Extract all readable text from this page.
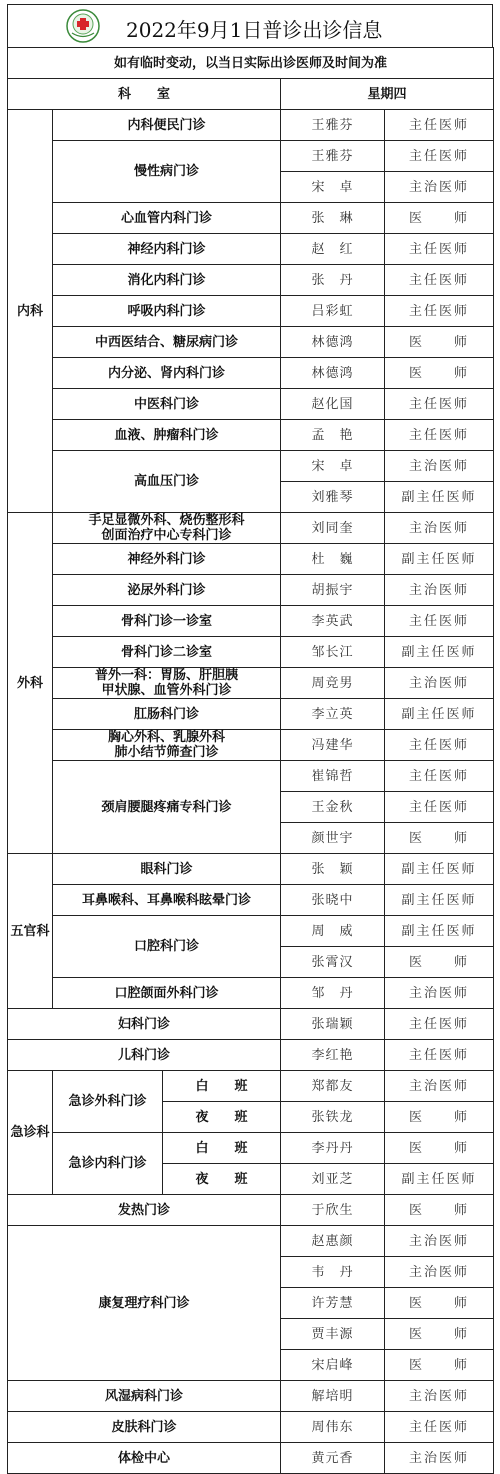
2022年9月1日普诊出诊信息
如有临时变动，以当日实际出诊医师及时间为准				
科　　室			星期四	
内科	内科便民门诊		王雅芬	主任医师
	慢性病门诊		王雅芬	主任医师
			宋　卓	主治医师
	心血管内科门诊		张　琳	医　　师
	神经内科门诊		赵　红	主任医师
	消化内科门诊		张　丹	主任医师
	呼吸内科门诊		吕彩虹	主任医师
	中西医结合、糖尿病门诊		林德鸿	医　　师
	内分泌、肾内科门诊		林德鸿	医　　师
	中医科门诊		赵化国	主任医师
	血液、肿瘤科门诊		孟　艳	主任医师
	高血压门诊		宋　卓	主治医师
			刘雅琴	副主任医师
外科	手足显微外科、烧伤整形科
创面治疗中心专科门诊		刘同奎	主治医师
	神经外科门诊		杜　巍	副主任医师
	泌尿外科门诊		胡振宇	主治医师
	骨科门诊一诊室		李英武	主任医师
	骨科门诊二诊室		邹长江	副主任医师

	普外一科：胃肠、肝胆胰
甲状腺、血管外科门诊		周竞男	主治医师
	肛肠科门诊		李立英	副主任医师

	胸心外科、乳腺外科
肺小结节筛查门诊		冯建华	主任医师
	颈肩腰腿疼痛专科门诊		崔锦哲	主任医师
			王金秋	主任医师
			颜世宇	医　　师
五官科	眼科门诊		张　颖	副主任医师
	耳鼻喉科、耳鼻喉科眩晕门诊		张晓中	副主任医师
	口腔科门诊		周　威	副主任医师
			张霄汉	医　　师
	口腔颌面外科门诊		邹　丹	主治医师
妇科门诊			张瑞颖	主任医师
儿科门诊			李红艳	主任医师
急诊科	急诊外科门诊	白　　班	郑都友	主治医师
		夜　　班	张铁龙	医　　师
	急诊内科门诊	白　　班	李丹丹	医　　师
		夜　　班	刘亚芝	副主任医师
发热门诊			于欣生	医　　师
康复理疗科门诊			赵惠颜	主治医师
			韦　丹	主治医师
			许芳慧	医　　师
			贾丰源	医　　师
			宋启峰	医　　师
风湿病科门诊			解培明	主治医师
皮肤科门诊			周伟东	主任医师
体检中心			黄元香	主治医师
